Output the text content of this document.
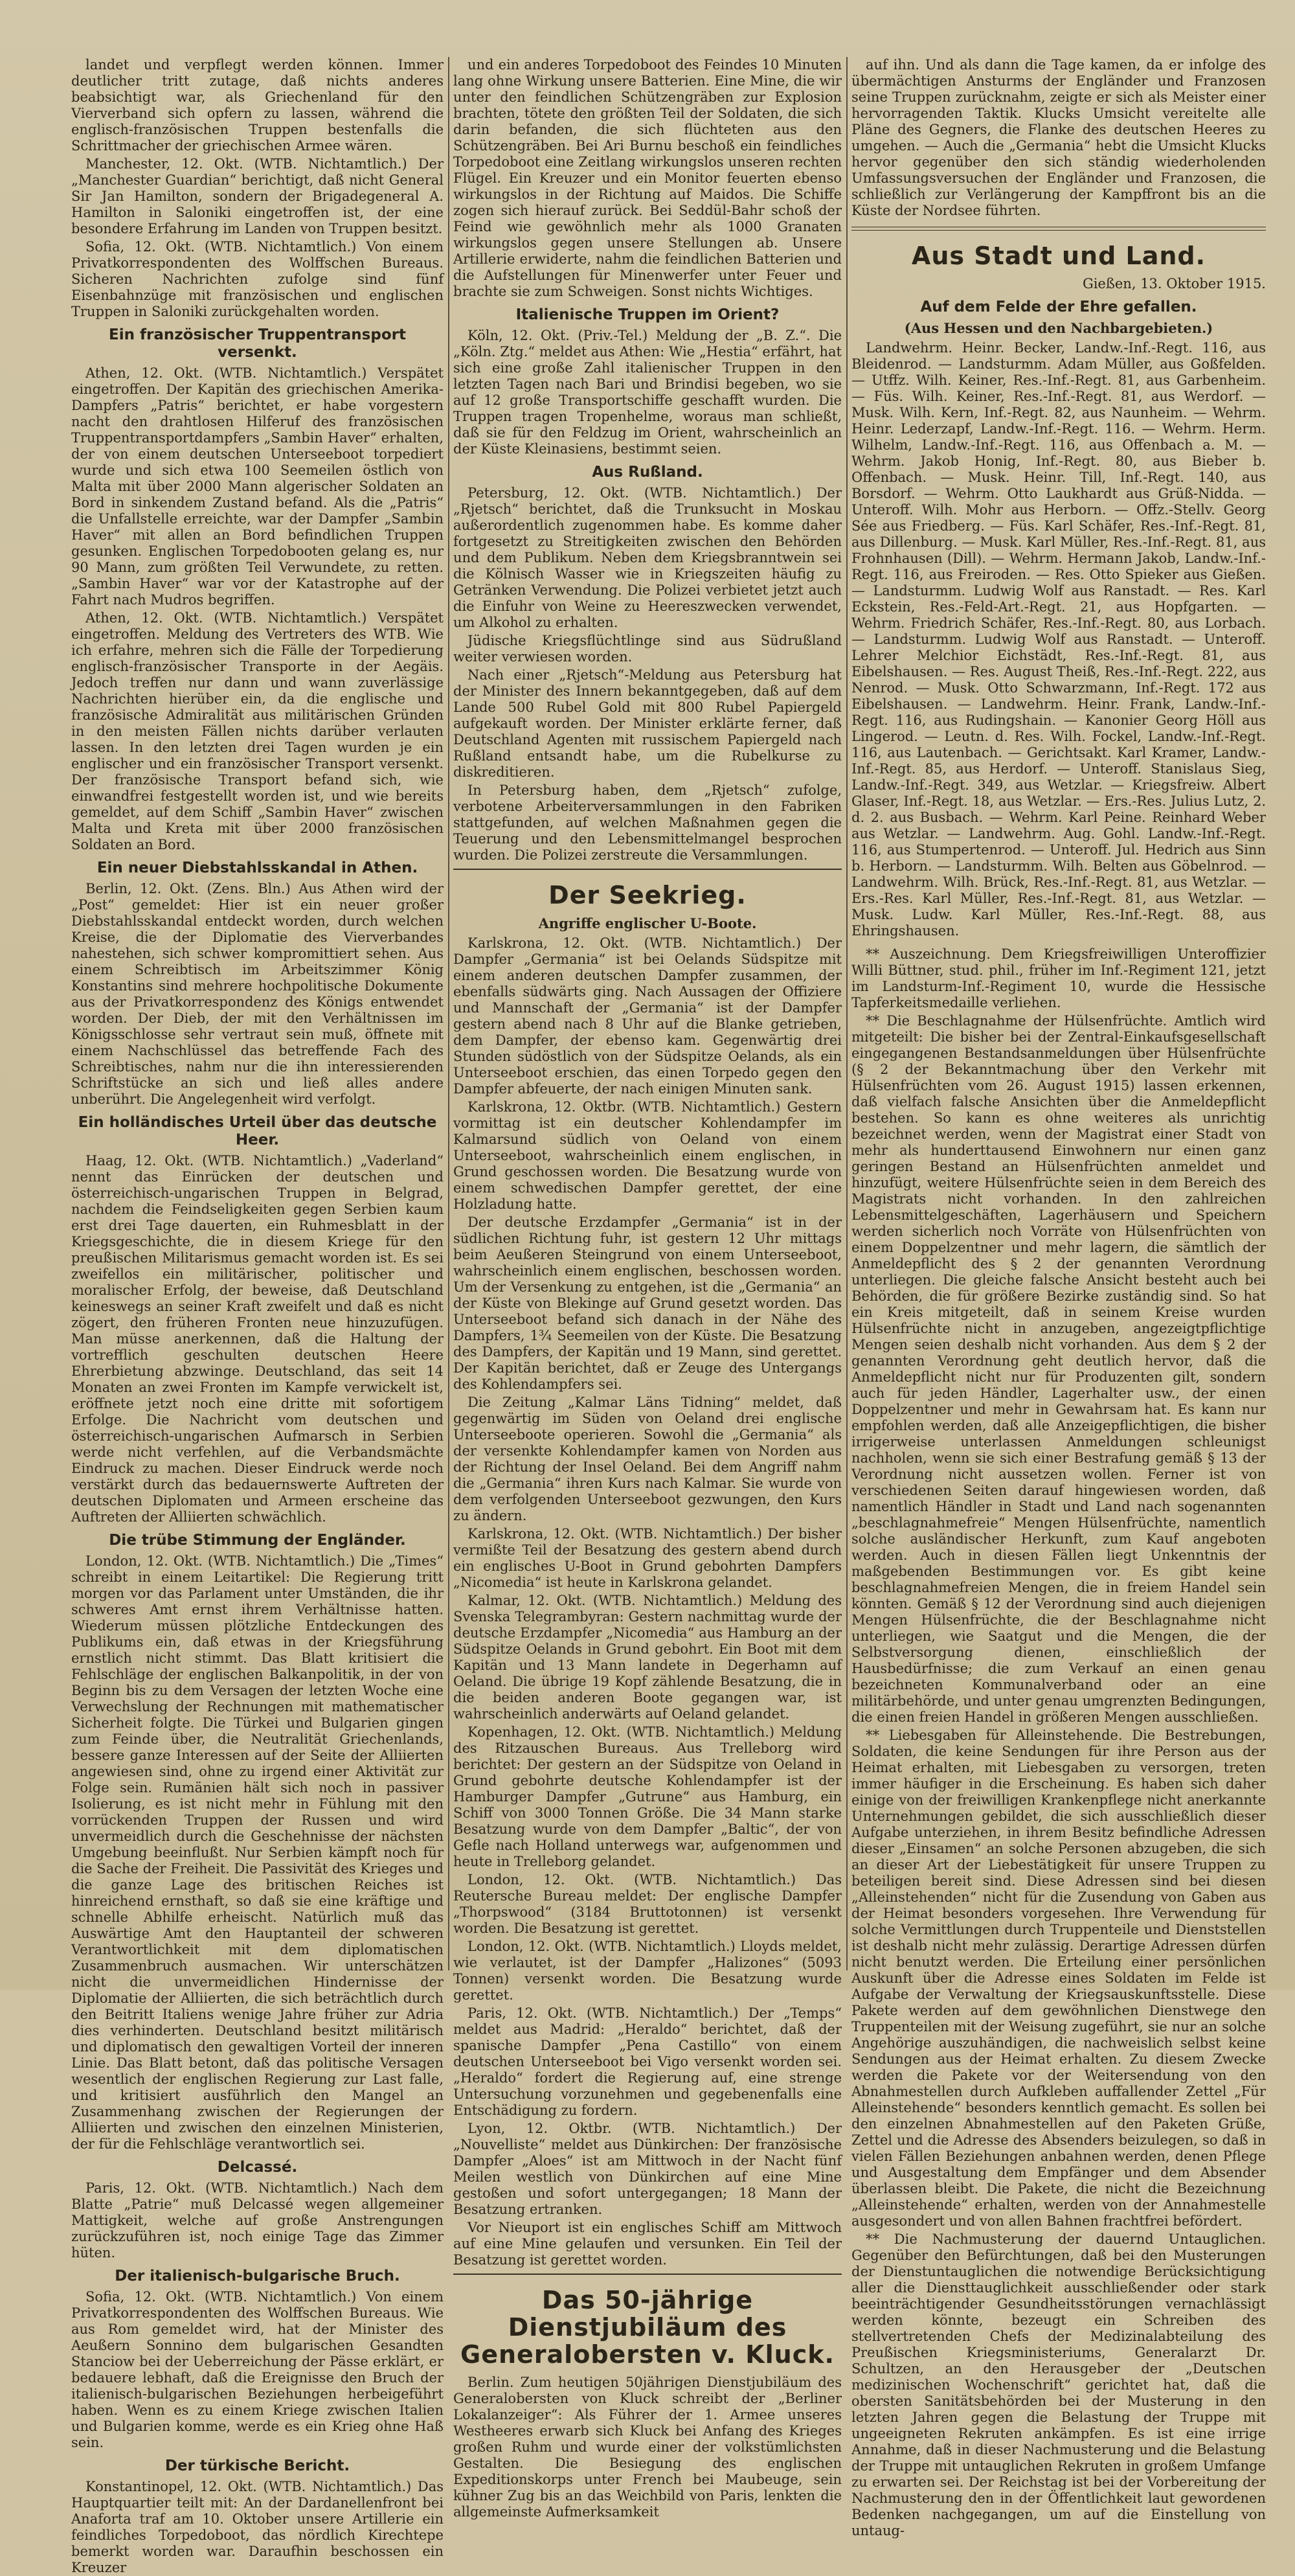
landet und verpflegt werden können. Immer deutlicher tritt zutage, daß nichts anderes beabsichtigt war, als Griechenland für den Vierverband sich opfern zu lassen, während die englisch-französischen Truppen bestenfalls die Schrittmacher der griechischen Armee wären.

Manchester, 12. Okt. (WTB. Nichtamtlich.) Der „Manchester Guardian“ berichtigt, daß nicht General Sir Jan Hamilton, sondern der Brigadegeneral A. Hamilton in Saloniki eingetroffen ist, der eine besondere Erfahrung im Landen von Truppen besitzt.

Sofia, 12. Okt. (WTB. Nichtamtlich.) Von einem Privatkorrespondenten des Wolffschen Bureaus. Sicheren Nachrichten zufolge sind fünf Eisenbahnzüge mit französischen und englischen Truppen in Saloniki zurückgehalten worden.

Ein französischer Truppentransport versenkt.

Athen, 12. Okt. (WTB. Nichtamtlich.) Verspätet eingetroffen. Der Kapitän des griechischen Amerika-Dampfers „Patris“ berichtet, er habe vorgestern nacht den drahtlosen Hilferuf des französischen Truppentransportdampfers „Sambin Haver“ erhalten, der von einem deutschen Unterseeboot torpediert wurde und sich etwa 100 Seemeilen östlich von Malta mit über 2000 Mann algerischer Soldaten an Bord in sinkendem Zustand befand. Als die „Patris“ die Unfallstelle erreichte, war der Dampfer „Sambin Haver“ mit allen an Bord befindlichen Truppen gesunken. Englischen Torpedobooten gelang es, nur 90 Mann, zum größten Teil Verwundete, zu retten. „Sambin Haver“ war vor der Katastrophe auf der Fahrt nach Mudros begriffen.

Athen, 12. Okt. (WTB. Nichtamtlich.) Verspätet eingetroffen. Meldung des Vertreters des WTB. Wie ich erfahre, mehren sich die Fälle der Torpedierung englisch-französischer Transporte in der Aegäis. Jedoch treffen nur dann und wann zuverlässige Nachrichten hierüber ein, da die englische und französische Admiralität aus militärischen Gründen in den meisten Fällen nichts darüber verlauten lassen. In den letzten drei Tagen wurden je ein englischer und ein französischer Transport versenkt. Der französische Transport befand sich, wie einwandfrei festgestellt worden ist, und wie bereits gemeldet, auf dem Schiff „Sambin Haver“ zwischen Malta und Kreta mit über 2000 französischen Soldaten an Bord.

Ein neuer Diebstahlsskandal in Athen.

Berlin, 12. Okt. (Zens. Bln.) Aus Athen wird der „Post“ gemeldet: Hier ist ein neuer großer Diebstahlsskandal entdeckt worden, durch welchen Kreise, die der Diplomatie des Vierverbandes nahestehen, sich schwer kompromittiert sehen. Aus einem Schreibtisch im Arbeitszimmer König Konstantins sind mehrere hochpolitische Dokumente aus der Privatkorrespondenz des Königs entwendet worden. Der Dieb, der mit den Verhältnissen im Königsschlosse sehr vertraut sein muß, öffnete mit einem Nachschlüssel das betreffende Fach des Schreibtisches, nahm nur die ihn interessierenden Schriftstücke an sich und ließ alles andere unberührt. Die Angelegenheit wird verfolgt.

Ein holländisches Urteil über das deutsche Heer.

Haag, 12. Okt. (WTB. Nichtamtlich.) „Vaderland“ nennt das Einrücken der deutschen und österreichisch-ungarischen Truppen in Belgrad, nachdem die Feindseligkeiten gegen Serbien kaum erst drei Tage dauerten, ein Ruhmesblatt in der Kriegsgeschichte, die in diesem Kriege für den preußischen Militarismus gemacht worden ist. Es sei zweifellos ein militärischer, politischer und moralischer Erfolg, der beweise, daß Deutschland keineswegs an seiner Kraft zweifelt und daß es nicht zögert, den früheren Fronten neue hinzuzufügen. Man müsse anerkennen, daß die Haltung der vortrefflich geschulten deutschen Heere Ehrerbietung abzwinge. Deutschland, das seit 14 Monaten an zwei Fronten im Kampfe verwickelt ist, eröffnete jetzt noch eine dritte mit sofortigem Erfolge. Die Nachricht vom deutschen und österreichisch-ungarischen Aufmarsch in Serbien werde nicht verfehlen, auf die Verbandsmächte Eindruck zu machen. Dieser Eindruck werde noch verstärkt durch das bedauernswerte Auftreten der deutschen Diplomaten und Armeen erscheine das Auftreten der Alliierten schwächlich.

Die trübe Stimmung der Engländer.

London, 12. Okt. (WTB. Nichtamtlich.) Die „Times“ schreibt in einem Leitartikel: Die Regierung tritt morgen vor das Parlament unter Umständen, die ihr schweres Amt ernst ihrem Verhältnisse hatten. Wiederum müssen plötzliche Entdeckungen des Publikums ein, daß etwas in der Kriegsführung ernstlich nicht stimmt. Das Blatt kritisiert die Fehlschläge der englischen Balkanpolitik, in der von Beginn bis zu dem Versagen der letzten Woche eine Verwechslung der Rechnungen mit mathematischer Sicherheit folgte. Die Türkei und Bulgarien gingen zum Feinde über, die Neutralität Griechenlands, bessere ganze Interessen auf der Seite der Alliierten angewiesen sind, ohne zu irgend einer Aktivität zur Folge sein. Rumänien hält sich noch in passiver Isolierung, es ist nicht mehr in Fühlung mit den vorrückenden Truppen der Russen und wird unvermeidlich durch die Geschehnisse der nächsten Umgebung beeinflußt. Nur Serbien kämpft noch für die Sache der Freiheit. Die Passivität des Krieges und die ganze Lage des britischen Reiches ist hinreichend ernsthaft, so daß sie eine kräftige und schnelle Abhilfe erheischt. Natürlich muß das Auswärtige Amt den Hauptanteil der schweren Verantwortlichkeit mit dem diplomatischen Zusammenbruch ausmachen. Wir unterschätzen nicht die unvermeidlichen Hindernisse der Diplomatie der Alliierten, die sich beträchtlich durch den Beitritt Italiens wenige Jahre früher zur Adria dies verhinderten. Deutschland besitzt militärisch und diplomatisch den gewaltigen Vorteil der inneren Linie. Das Blatt betont, daß das politische Versagen wesentlich der englischen Regierung zur Last falle, und kritisiert ausführlich den Mangel an Zusammenhang zwischen der Regierungen der Alliierten und zwischen den einzelnen Ministerien, der für die Fehlschläge verantwortlich sei.

Delcassé.

Paris, 12. Okt. (WTB. Nichtamtlich.) Nach dem Blatte „Patrie“ muß Delcassé wegen allgemeiner Mattigkeit, welche auf große Anstrengungen zurückzuführen ist, noch einige Tage das Zimmer hüten.

Der italienisch-bulgarische Bruch.

Sofia, 12. Okt. (WTB. Nichtamtlich.) Von einem Privatkorrespondenten des Wolffschen Bureaus. Wie aus Rom gemeldet wird, hat der Minister des Aeußern Sonnino dem bulgarischen Gesandten Stanciow bei der Ueberreichung der Pässe erklärt, er bedauere lebhaft, daß die Ereignisse den Bruch der italienisch-bulgarischen Beziehungen herbeigeführt haben. Wenn es zu einem Kriege zwischen Italien und Bulgarien komme, werde es ein Krieg ohne Haß sein.

Der türkische Bericht.

Konstantinopel, 12. Okt. (WTB. Nichtamtlich.) Das Hauptquartier teilt mit: An der Dardanellenfront bei Anaforta traf am 10. Oktober unsere Artillerie ein feindliches Torpedoboot, das nördlich Kirechtepe bemerkt worden war. Daraufhin beschossen ein Kreuzer

und ein anderes Torpedoboot des Feindes 10 Minuten lang ohne Wirkung unsere Batterien. Eine Mine, die wir unter den feindlichen Schützengräben zur Explosion brachten, tötete den größten Teil der Soldaten, die sich darin befanden, die sich flüchteten aus den Schützengräben. Bei Ari Burnu beschoß ein feindliches Torpedoboot eine Zeitlang wirkungslos unseren rechten Flügel. Ein Kreuzer und ein Monitor feuerten ebenso wirkungslos in der Richtung auf Maidos. Die Schiffe zogen sich hierauf zurück. Bei Seddül-Bahr schoß der Feind wie gewöhnlich mehr als 1000 Granaten wirkungslos gegen unsere Stellungen ab. Unsere Artillerie erwiderte, nahm die feindlichen Batterien und die Aufstellungen für Minenwerfer unter Feuer und brachte sie zum Schweigen. Sonst nichts Wichtiges.

Italienische Truppen im Orient?

Köln, 12. Okt. (Priv.-Tel.) Meldung der „B. Z.“. Die „Köln. Ztg.“ meldet aus Athen: Wie „Hestia“ erfährt, hat sich eine große Zahl italienischer Truppen in den letzten Tagen nach Bari und Brindisi begeben, wo sie auf 12 große Transportschiffe geschafft wurden. Die Truppen tragen Tropenhelme, woraus man schließt, daß sie für den Feldzug im Orient, wahrscheinlich an der Küste Kleinasiens, bestimmt seien.

Aus Rußland.

Petersburg, 12. Okt. (WTB. Nichtamtlich.) Der „Rjetsch“ berichtet, daß die Trunksucht in Moskau außerordentlich zugenommen habe. Es komme daher fortgesetzt zu Streitigkeiten zwischen den Behörden und dem Publikum. Neben dem Kriegsbranntwein sei die Kölnisch Wasser wie in Kriegszeiten häufig zu Getränken Verwendung. Die Polizei verbietet jetzt auch die Einfuhr von Weine zu Heereszwecken verwendet, um Alkohol zu erhalten.

Jüdische Kriegsflüchtlinge sind aus Südrußland weiter verwiesen worden.

Nach einer „Rjetsch“-Meldung aus Petersburg hat der Minister des Innern bekanntgegeben, daß auf dem Lande 500 Rubel Gold mit 800 Rubel Papiergeld aufgekauft worden. Der Minister erklärte ferner, daß Deutschland Agenten mit russischem Papiergeld nach Rußland entsandt habe, um die Rubelkurse zu diskreditieren.

In Petersburg haben, dem „Rjetsch“ zufolge, verbotene Arbeiterversammlungen in den Fabriken stattgefunden, auf welchen Maßnahmen gegen die Teuerung und den Lebensmittelmangel besprochen wurden. Die Polizei zerstreute die Versammlungen.

Der Seekrieg.
Angriffe englischer U-Boote.

Karlskrona, 12. Okt. (WTB. Nichtamtlich.) Der Dampfer „Germania“ ist bei Oelands Südspitze mit einem anderen deutschen Dampfer zusammen, der ebenfalls südwärts ging. Nach Aussagen der Offiziere und Mannschaft der „Germania“ ist der Dampfer gestern abend nach 8 Uhr auf die Blanke getrieben, dem Dampfer, der ebenso kam. Gegenwärtig drei Stunden südöstlich von der Südspitze Oelands, als ein Unterseeboot erschien, das einen Torpedo gegen den Dampfer abfeuerte, der nach einigen Minuten sank.

Karlskrona, 12. Oktbr. (WTB. Nichtamtlich.) Gestern vormittag ist ein deutscher Kohlendampfer im Kalmarsund südlich von Oeland von einem Unterseeboot, wahrscheinlich einem englischen, in Grund geschossen worden. Die Besatzung wurde von einem schwedischen Dampfer gerettet, der eine Holzladung hatte.

Der deutsche Erzdampfer „Germania“ ist in der südlichen Richtung fuhr, ist gestern 12 Uhr mittags beim Aeußeren Steingrund von einem Unterseeboot, wahrscheinlich einem englischen, beschossen worden. Um der Versenkung zu entgehen, ist die „Germania“ an der Küste von Blekinge auf Grund gesetzt worden. Das Unterseeboot befand sich danach in der Nähe des Dampfers, 1¾ Seemeilen von der Küste. Die Besatzung des Dampfers, der Kapitän und 19 Mann, sind gerettet. Der Kapitän berichtet, daß er Zeuge des Untergangs des Kohlendampfers sei.

Die Zeitung „Kalmar Läns Tidning“ meldet, daß gegenwärtig im Süden von Oeland drei englische Unterseeboote operieren. Sowohl die „Germania“ als der versenkte Kohlendampfer kamen von Norden aus der Richtung der Insel Oeland. Bei dem Angriff nahm die „Germania“ ihren Kurs nach Kalmar. Sie wurde von dem verfolgenden Unterseeboot gezwungen, den Kurs zu ändern.

Karlskrona, 12. Okt. (WTB. Nichtamtlich.) Der bisher vermißte Teil der Besatzung des gestern abend durch ein englisches U-Boot in Grund gebohrten Dampfers „Nicomedia“ ist heute in Karlskrona gelandet.

Kalmar, 12. Okt. (WTB. Nichtamtlich.) Meldung des Svenska Telegrambyran: Gestern nachmittag wurde der deutsche Erzdampfer „Nicomedia“ aus Hamburg an der Südspitze Oelands in Grund gebohrt. Ein Boot mit dem Kapitän und 13 Mann landete in Degerhamn auf Oeland. Die übrige 19 Kopf zählende Besatzung, die in die beiden anderen Boote gegangen war, ist wahrscheinlich anderwärts auf Oeland gelandet.

Kopenhagen, 12. Okt. (WTB. Nichtamtlich.) Meldung des Ritzauschen Bureaus. Aus Trelleborg wird berichtet: Der gestern an der Südspitze von Oeland in Grund gebohrte deutsche Kohlendampfer ist der Hamburger Dampfer „Gutrune“ aus Hamburg, ein Schiff von 3000 Tonnen Größe. Die 34 Mann starke Besatzung wurde von dem Dampfer „Baltic“, der von Gefle nach Holland unterwegs war, aufgenommen und heute in Trelleborg gelandet.

London, 12. Okt. (WTB. Nichtamtlich.) Das Reutersche Bureau meldet: Der englische Dampfer „Thorpswood“ (3184 Bruttotonnen) ist versenkt worden. Die Besatzung ist gerettet.

London, 12. Okt. (WTB. Nichtamtlich.) Lloyds meldet, wie verlautet, ist der Dampfer „Halizones“ (5093 Tonnen) versenkt worden. Die Besatzung wurde gerettet.

Paris, 12. Okt. (WTB. Nichtamtlich.) Der „Temps“ meldet aus Madrid: „Heraldo“ berichtet, daß der spanische Dampfer „Pena Castillo“ von einem deutschen Unterseeboot bei Vigo versenkt worden sei. „Heraldo“ fordert die Regierung auf, eine strenge Untersuchung vorzunehmen und gegebenenfalls eine Entschädigung zu fordern.

Lyon, 12. Oktbr. (WTB. Nichtamtlich.) Der „Nouvelliste“ meldet aus Dünkirchen: Der französische Dampfer „Aloes“ ist am Mittwoch in der Nacht fünf Meilen westlich von Dünkirchen auf eine Mine gestoßen und sofort untergegangen; 18 Mann der Besatzung ertranken.

Vor Nieuport ist ein englisches Schiff am Mittwoch auf eine Mine gelaufen und versunken. Ein Teil der Besatzung ist gerettet worden.

Das 50-jährige Dienstjubiläum des Generalobersten v. Kluck.

Berlin. Zum heutigen 50jährigen Dienstjubiläum des Generalobersten von Kluck schreibt der „Berliner Lokalanzeiger“: Als Führer der 1. Armee unseres Westheeres erwarb sich Kluck bei Anfang des Krieges großen Ruhm und wurde einer der volkstümlichsten Gestalten. Die Besiegung des englischen Expeditionskorps unter French bei Maubeuge, sein kühner Zug bis an das Weichbild von Paris, lenkten die allgemeinste Aufmerksamkeit

auf ihn. Und als dann die Tage kamen, da er infolge des übermächtigen Ansturms der Engländer und Franzosen seine Truppen zurücknahm, zeigte er sich als Meister einer hervorragenden Taktik. Klucks Umsicht vereitelte alle Pläne des Gegners, die Flanke des deutschen Heeres zu umgehen. — Auch die „Germania“ hebt die Umsicht Klucks hervor gegenüber den sich ständig wiederholenden Umfassungsversuchen der Engländer und Franzosen, die schließlich zur Verlängerung der Kampffront bis an die Küste der Nordsee führten.

Aus Stadt und Land.
Gießen, 13. Oktober 1915.
Auf dem Felde der Ehre gefallen.
(Aus Hessen und den Nachbargebieten.)

Landwehrm. Heinr. Becker, Landw.-Inf.-Regt. 116, aus Bleidenrod. — Landsturmm. Adam Müller, aus Goßfelden. — Utffz. Wilh. Keiner, Res.-Inf.-Regt. 81, aus Garbenheim. — Füs. Wilh. Keiner, Res.-Inf.-Regt. 81, aus Werdorf. — Musk. Wilh. Kern, Inf.-Regt. 82, aus Naunheim. — Wehrm. Heinr. Lederzapf, Landw.-Inf.-Regt. 116. — Wehrm. Herm. Wilhelm, Landw.-Inf.-Regt. 116, aus Offenbach a. M. — Wehrm. Jakob Honig, Inf.-Regt. 80, aus Bieber b. Offenbach. — Musk. Heinr. Till, Inf.-Regt. 140, aus Borsdorf. — Wehrm. Otto Laukhardt aus Grüß-Nidda. — Unteroff. Wilh. Mohr aus Herborn. — Offz.-Stellv. Georg Sée aus Friedberg. — Füs. Karl Schäfer, Res.-Inf.-Regt. 81, aus Dillenburg. — Musk. Karl Müller, Res.-Inf.-Regt. 81, aus Frohnhausen (Dill). — Wehrm. Hermann Jakob, Landw.-Inf.-Regt. 116, aus Freiroden. — Res. Otto Spieker aus Gießen. — Landsturmm. Ludwig Wolf aus Ranstadt. — Res. Karl Eckstein, Res.-Feld-Art.-Regt. 21, aus Hopfgarten. — Wehrm. Friedrich Schäfer, Res.-Inf.-Regt. 80, aus Lorbach. — Landsturmm. Ludwig Wolf aus Ranstadt. — Unteroff. Lehrer Melchior Eichstädt, Res.-Inf.-Regt. 81, aus Eibelshausen. — Res. August Theiß, Res.-Inf.-Regt. 222, aus Nenrod. — Musk. Otto Schwarzmann, Inf.-Regt. 172 aus Eibelshausen. — Landwehrm. Heinr. Frank, Landw.-Inf.-Regt. 116, aus Rudingshain. — Kanonier Georg Höll aus Lingerod. — Leutn. d. Res. Wilh. Fockel, Landw.-Inf.-Regt. 116, aus Lautenbach. — Gerichtsakt. Karl Kramer, Landw.-Inf.-Regt. 85, aus Herdorf. — Unteroff. Stanislaus Sieg, Landw.-Inf.-Regt. 349, aus Wetzlar. — Kriegsfreiw. Albert Glaser, Inf.-Regt. 18, aus Wetzlar. — Ers.-Res. Julius Lutz, 2. d. 2. aus Busbach. — Wehrm. Karl Peine. Reinhard Weber aus Wetzlar. — Landwehrm. Aug. Gohl. Landw.-Inf.-Regt. 116, aus Stumpertenrod. — Unteroff. Jul. Hedrich aus Sinn b. Herborn. — Landsturmm. Wilh. Belten aus Göbelnrod. — Landwehrm. Wilh. Brück, Res.-Inf.-Regt. 81, aus Wetzlar. — Ers.-Res. Karl Müller, Res.-Inf.-Regt. 81, aus Wetzlar. — Musk. Ludw. Karl Müller, Res.-Inf.-Regt. 88, aus Ehringshausen.

** Auszeichnung. Dem Kriegsfreiwilligen Unteroffizier Willi Büttner, stud. phil., früher im Inf.-Regiment 121, jetzt im Landsturm-Inf.-Regiment 10, wurde die Hessische Tapferkeitsmedaille verliehen.

** Die Beschlagnahme der Hülsenfrüchte. Amtlich wird mitgeteilt: Die bisher bei der Zentral-Einkaufsgesellschaft eingegangenen Bestandsanmeldungen über Hülsenfrüchte (§ 2 der Bekanntmachung über den Verkehr mit Hülsenfrüchten vom 26. August 1915) lassen erkennen, daß vielfach falsche Ansichten über die Anmeldepflicht bestehen. So kann es ohne weiteres als unrichtig bezeichnet werden, wenn der Magistrat einer Stadt von mehr als hunderttausend Einwohnern nur einen ganz geringen Bestand an Hülsenfrüchten anmeldet und hinzufügt, weitere Hülsenfrüchte seien in dem Bereich des Magistrats nicht vorhanden. In den zahlreichen Lebensmittelgeschäften, Lagerhäusern und Speichern werden sicherlich noch Vorräte von Hülsenfrüchten von einem Doppelzentner und mehr lagern, die sämtlich der Anmeldepflicht des § 2 der genannten Verordnung unterliegen. Die gleiche falsche Ansicht besteht auch bei Behörden, die für größere Bezirke zuständig sind. So hat ein Kreis mitgeteilt, daß in seinem Kreise wurden Hülsenfrüchte nicht in anzugeben, angezeigtpflichtige Mengen seien deshalb nicht vorhanden. Aus dem § 2 der genannten Verordnung geht deutlich hervor, daß die Anmeldepflicht nicht nur für Produzenten gilt, sondern auch für jeden Händler, Lagerhalter usw., der einen Doppelzentner und mehr in Gewahrsam hat. Es kann nur empfohlen werden, daß alle Anzeigepflichtigen, die bisher irrigerweise unterlassen Anmeldungen schleunigst nachholen, wenn sie sich einer Bestrafung gemäß § 13 der Verordnung nicht aussetzen wollen. Ferner ist von verschiedenen Seiten darauf hingewiesen worden, daß namentlich Händler in Stadt und Land nach sogenannten „beschlagnahmefreie“ Mengen Hülsenfrüchte, namentlich solche ausländischer Herkunft, zum Kauf angeboten werden. Auch in diesen Fällen liegt Unkenntnis der maßgebenden Bestimmungen vor. Es gibt keine beschlagnahmefreien Mengen, die in freiem Handel sein könnten. Gemäß § 12 der Verordnung sind auch diejenigen Mengen Hülsenfrüchte, die der Beschlagnahme nicht unterliegen, wie Saatgut und die Mengen, die der Selbstversorgung dienen, einschließlich der Hausbedürfnisse; die zum Verkauf an einen genau bezeichneten Kommunalverband oder an eine militärbehörde, und unter genau umgrenzten Bedingungen, die einen freien Handel in größeren Mengen ausschließen.

** Liebesgaben für Alleinstehende. Die Bestrebungen, Soldaten, die keine Sendungen für ihre Person aus der Heimat erhalten, mit Liebesgaben zu versorgen, treten immer häufiger in die Erscheinung. Es haben sich daher einige von der freiwilligen Krankenpflege nicht anerkannte Unternehmungen gebildet, die sich ausschließlich dieser Aufgabe unterziehen, in ihrem Besitz befindliche Adressen dieser „Einsamen“ an solche Personen abzugeben, die sich an dieser Art der Liebestätigkeit für unsere Truppen zu beteiligen bereit sind. Diese Adressen sind bei diesen „Alleinstehenden“ nicht für die Zusendung von Gaben aus der Heimat besonders vorgesehen. Ihre Verwendung für solche Vermittlungen durch Truppenteile und Dienststellen ist deshalb nicht mehr zulässig. Derartige Adressen dürfen nicht benutzt werden. Die Erteilung einer persönlichen Auskunft über die Adresse eines Soldaten im Felde ist Aufgabe der Verwaltung der Kriegsauskunftsstelle. Diese Pakete werden auf dem gewöhnlichen Dienstwege den Truppenteilen mit der Weisung zugeführt, sie nur an solche Angehörige auszuhändigen, die nachweislich selbst keine Sendungen aus der Heimat erhalten. Zu diesem Zwecke werden die Pakete vor der Weitersendung von den Abnahmestellen durch Aufkleben auffallender Zettel „Für Alleinstehende“ besonders kenntlich gemacht. Es sollen bei den einzelnen Abnahmestellen auf den Paketen Grüße, Zettel und die Adresse des Absenders beizulegen, so daß in vielen Fällen Beziehungen anbahnen werden, denen Pflege und Ausgestaltung dem Empfänger und dem Absender überlassen bleibt. Die Pakete, die nicht die Bezeichnung „Alleinstehende“ erhalten, werden von der Annahmestelle ausgesondert und von allen Bahnen frachtfrei befördert.

** Die Nachmusterung der dauernd Untauglichen. Gegenüber den Befürchtungen, daß bei den Musterungen der Dienstuntauglichen die notwendige Berücksichtigung aller die Diensttauglichkeit ausschließender oder stark beeinträchtigender Gesundheitsstörungen vernachlässigt werden könnte, bezeugt ein Schreiben des stellvertretenden Chefs der Medizinalabteilung des Preußischen Kriegsministeriums, Generalarzt Dr. Schultzen, an den Herausgeber der „Deutschen medizinischen Wochenschrift“ gerichtet hat, daß die obersten Sanitätsbehörden bei der Musterung in den letzten Jahren gegen die Belastung der Truppe mit ungeeigneten Rekruten ankämpfen. Es ist eine irrige Annahme, daß in dieser Nachmusterung und die Belastung der Truppe mit untauglichen Rekruten in großem Umfange zu erwarten sei. Der Reichstag ist bei der Vorbereitung der Nachmusterung den in der Öffentlichkeit laut gewordenen Bedenken nachgegangen, um auf die Einstellung von untaug-
